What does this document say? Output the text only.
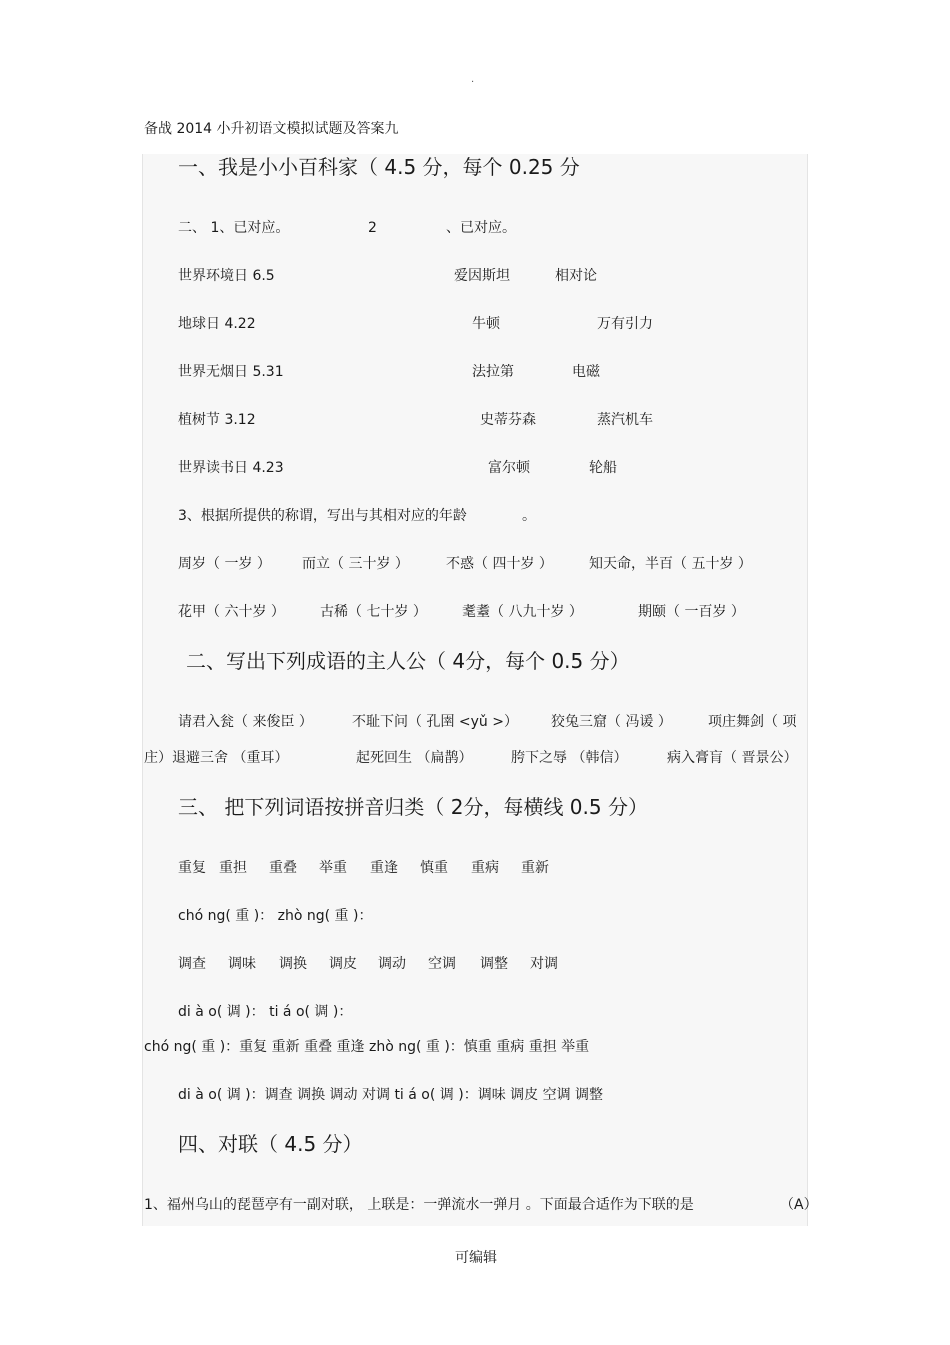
.
备战 2014 小升初语文模拟试题及答案九
一、我是小小百科家（ 4.5 分，每个 0.25 分
二、 1、已对应。	2	、已对应。
世界环境日 6.5	爱因斯坦	相对论
地球日 4.22	牛顿	万有引力
世界无烟日 5.31	法拉第	电磁
植树节 3.12	史蒂芬森	蒸汽机车
世界读书日 4.23	富尔顿	轮船
3、根据所提供的称谓，写出与其相对应的年龄	。
周岁（ 一岁 ） 而立（ 三十岁 ）	不惑（ 四十岁 ）	知天命，半百（ 五十岁 ）
花甲（ 六十岁 ）	古稀（ 七十岁 ）	耄耋（ 八九十岁 ）	期颐（ 一百岁 ）
二、写出下列成语的主人公（ 4分，每个 0.5 分）
请君入瓮（ 来俊臣 ）	不耻下问（ 孔圉 <yǔ >） 狡兔三窟（ 冯谖 ）	项庄舞剑（ 项
庄）退避三舍 （重耳）	起死回生 （扁鹊）	胯下之辱 （韩信）	病入膏肓（ 晋景公）
三、 把下列词语按拼音归类（ 2分，每横线 0.5 分）
重复 重担 重叠 举重 重逢 慎重 重病 重新
chó ng( 重 )： zhò ng( 重 )：
调查 调味 调换 调皮 调动 空调 调整 对调
di à o( 调 )： ti á o( 调 )：
chó ng( 重 )：重复 重新 重叠 重逢 zhò ng( 重 )：慎重 重病 重担 举重
di à o( 调 )：调查 调换 调动 对调 ti á o( 调 )：调味 调皮 空调 调整
四、对联（ 4.5 分）
1、福州乌山的琵琶亭有一副对联， 上联是：一弹流水一弹月 。下面最合适作为下联的是	（A）
可编辑
